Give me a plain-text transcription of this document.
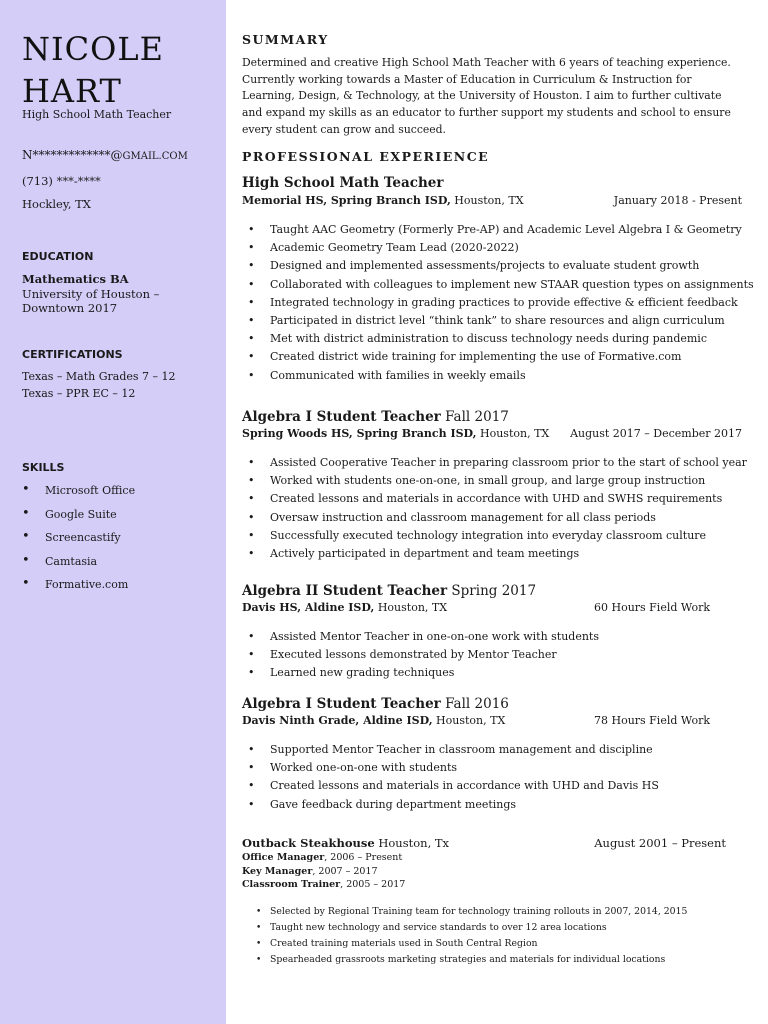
NICOLE
HART
High School Math Teacher
N*************@GMAIL.COM
(713) ***-****
Hockley, TX
EDUCATION
Mathematics BA
University of Houston – Downtown 2017
CERTIFICATIONS
Texas – Math Grades 7 – 12
Texas – PPR EC – 12
SKILLS
• Microsoft Office
• Google Suite
• Screencastify
• Camtasia
• Formative.com
SUMMARY
Determined and creative High School Math Teacher with 6 years of teaching experience. Currently working towards a Master of Education in Curriculum & Instruction for Learning, Design, & Technology, at the University of Houston. I aim to further cultivate and expand my skills as an educator to further support my students and school to ensure every student can grow and succeed.
PROFESSIONAL EXPERIENCE
High School Math Teacher
Memorial HS, Spring Branch ISD, Houston, TX	January 2018 - Present
• Taught AAC Geometry (Formerly Pre-AP) and Academic Level Algebra I & Geometry
• Academic Geometry Team Lead (2020-2022)
• Designed and implemented assessments/projects to evaluate student growth
• Collaborated with colleagues to implement new STAAR question types on assignments
• Integrated technology in grading practices to provide effective & efficient feedback
• Participated in district level “think tank” to share resources and align curriculum
• Met with district administration to discuss technology needs during pandemic
• Created district wide training for implementing the use of Formative.com
• Communicated with families in weekly emails
Algebra I Student Teacher Fall 2017
Spring Woods HS, Spring Branch ISD, Houston, TX August 2017 – December 2017
• Assisted Cooperative Teacher in preparing classroom prior to the start of school year
• Worked with students one-on-one, in small group, and large group instruction
• Created lessons and materials in accordance with UHD and SWHS requirements
• Oversaw instruction and classroom management for all class periods
• Successfully executed technology integration into everyday classroom culture
• Actively participated in department and team meetings
Algebra II Student Teacher Spring 2017
Davis HS, Aldine ISD, Houston, TX	60 Hours Field Work
• Assisted Mentor Teacher in one-on-one work with students
• Executed lessons demonstrated by Mentor Teacher
• Learned new grading techniques
Algebra I Student Teacher Fall 2016
Davis Ninth Grade, Aldine ISD, Houston, TX	78 Hours Field Work
• Supported Mentor Teacher in classroom management and discipline
• Worked one-on-one with students
• Created lessons and materials in accordance with UHD and Davis HS
• Gave feedback during department meetings
Outback Steakhouse Houston, Tx	August 2001 – Present
Office Manager, 2006 – Present
Key Manager, 2007 – 2017
Classroom Trainer, 2005 – 2017
• Selected by Regional Training team for technology training rollouts in 2007, 2014, 2015
• Taught new technology and service standards to over 12 area locations
• Created training materials used in South Central Region
• Spearheaded grassroots marketing strategies and materials for individual locations
